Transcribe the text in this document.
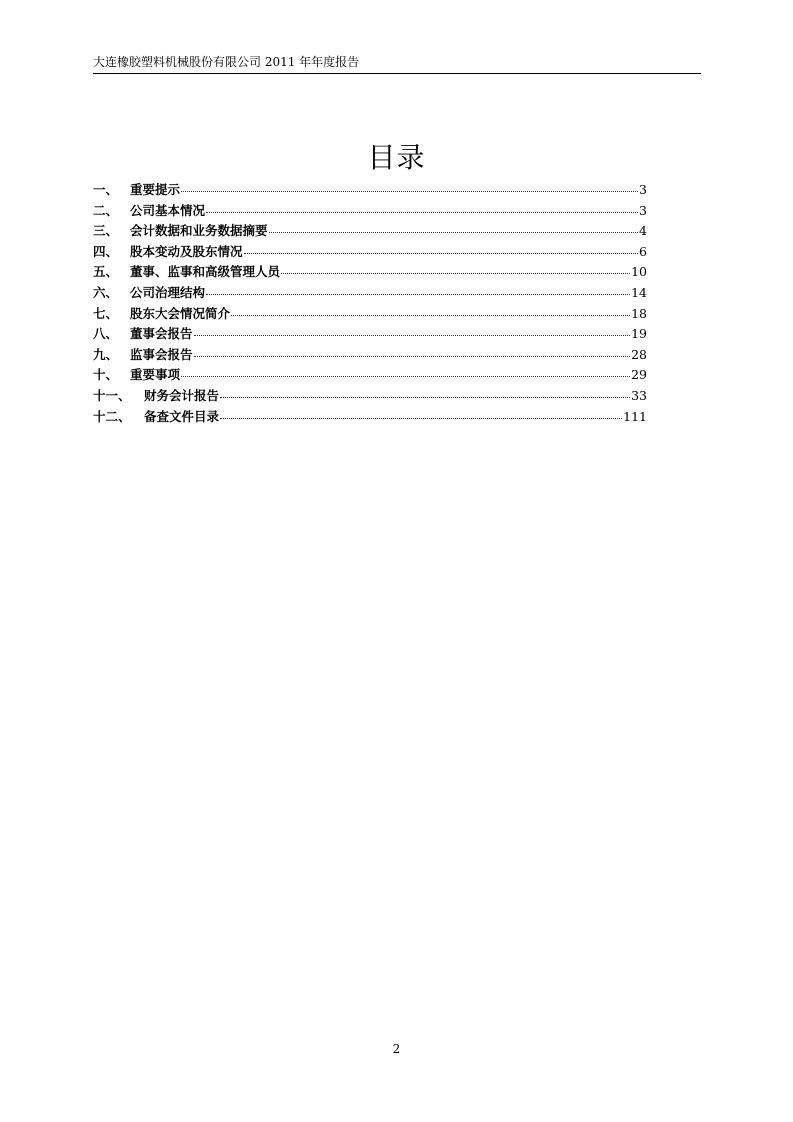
大连橡胶塑料机械股份有限公司 2011 年年度报告
目录
一、 重要提示	3
二、 公司基本情况	3
三、 会计数据和业务数据摘要	4
四、 股本变动及股东情况	6
五、 董事、监事和高级管理人员	10
六、 公司治理结构	14
七、 股东大会情况简介	18
八、 董事会报告	19
九、 监事会报告	28
十、 重要事项	29
十一、	财务会计报告	33
十二、	备查文件目录	111
2
